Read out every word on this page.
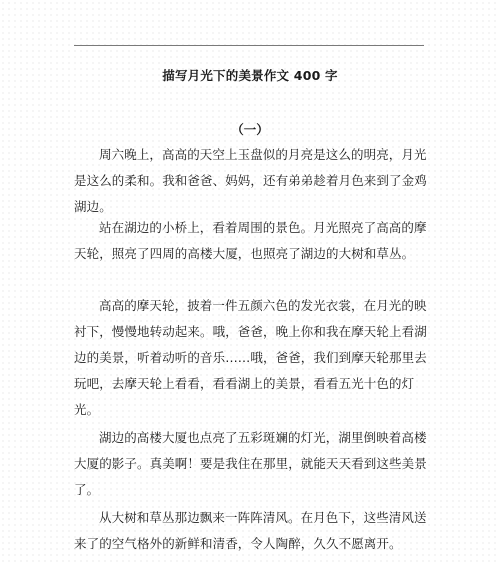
描写月光下的美景作文 400 字
（一）

周六晚上，高高的天空上玉盘似的月亮是这么的明亮，月光是这么的柔和。我和爸爸、妈妈，还有弟弟趁着月色来到了金鸡湖边。

站在湖边的小桥上，看着周围的景色。月光照亮了高高的摩天轮，照亮了四周的高楼大厦，也照亮了湖边的大树和草丛。

高高的摩天轮，披着一件五颜六色的发光衣裳，在月光的映衬下，慢慢地转动起来。哦，爸爸，晚上你和我在摩天轮上看湖边的美景，听着动听的音乐……哦，爸爸，我们到摩天轮那里去玩吧，去摩天轮上看看，看看湖上的美景，看看五光十色的灯光。

湖边的高楼大厦也点亮了五彩斑斓的灯光，湖里倒映着高楼大厦的影子。真美啊！要是我住在那里，就能天天看到这些美景了。

从大树和草丛那边飘来一阵阵清风。在月色下，这些清风送来了的空气格外的新鲜和清香，令人陶醉，久久不愿离开。
